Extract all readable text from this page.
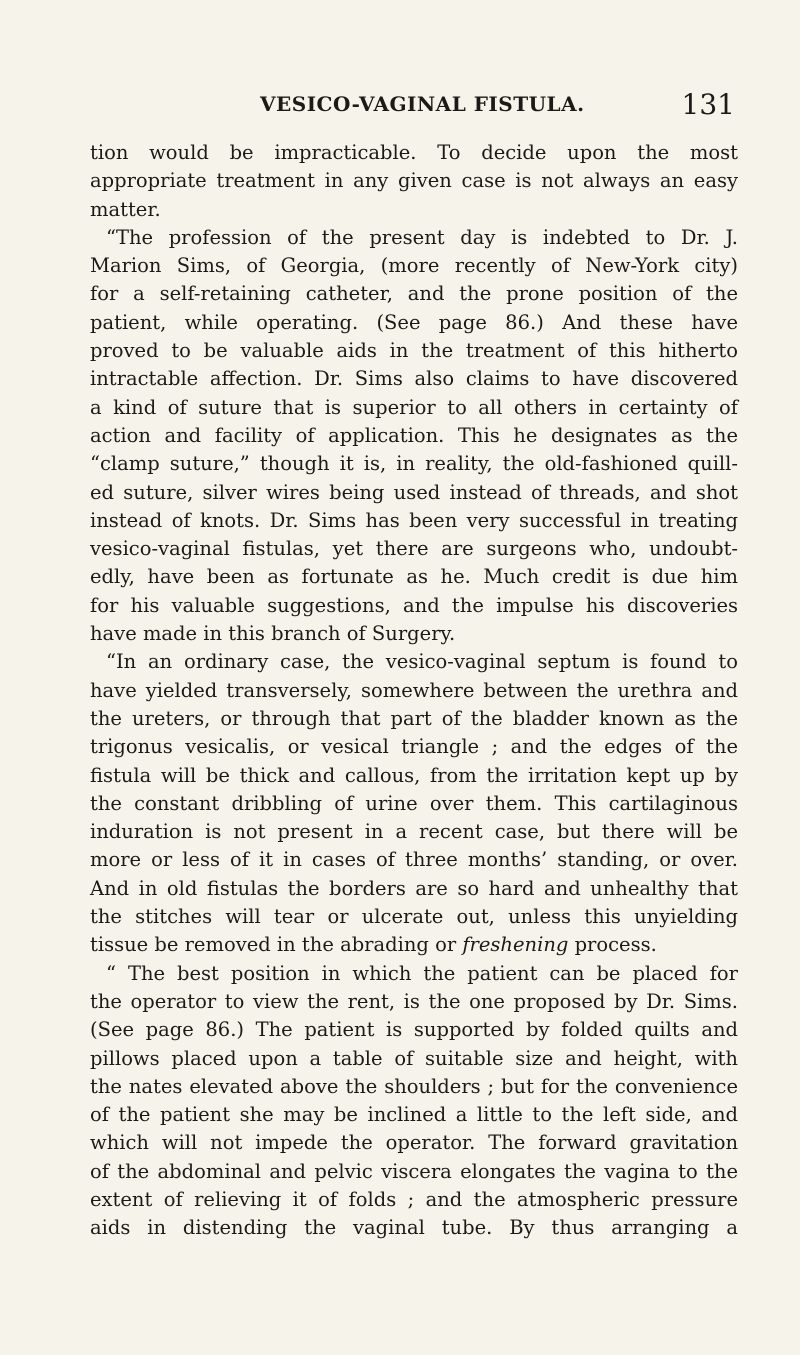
VESICO-VAGINAL FISTULA.	131
tion would be impracticable. To decide upon the most
appropriate treatment in any given case is not always an easy
matter.
“The profession of the present day is indebted to Dr. J.
Marion Sims, of Georgia, (more recently of New-York city)
for a self-retaining catheter, and the prone position of the
patient, while operating. (See page 86.) And these have
proved to be valuable aids in the treatment of this hitherto
intractable affection. Dr. Sims also claims to have discovered
a kind of suture that is superior to all others in certainty of
action and facility of application. This he designates as the
“clamp suture,” though it is, in reality, the old-fashioned quill-
ed suture, silver wires being used instead of threads, and shot
instead of knots. Dr. Sims has been very successful in treating
vesico-vaginal fistulas, yet there are surgeons who, undoubt-
edly, have been as fortunate as he. Much credit is due him
for his valuable suggestions, and the impulse his discoveries
have made in this branch of Surgery.
“In an ordinary case, the vesico-vaginal septum is found to
have yielded transversely, somewhere between the urethra and
the ureters, or through that part of the bladder known as the
trigonus vesicalis, or vesical triangle ; and the edges of the
fistula will be thick and callous, from the irritation kept up by
the constant dribbling of urine over them. This cartilaginous
induration is not present in a recent case, but there will be
more or less of it in cases of three months’ standing, or over.
And in old fistulas the borders are so hard and unhealthy that
the stitches will tear or ulcerate out, unless this unyielding
tissue be removed in the abrading or freshening process.
“ The best position in which the patient can be placed for
the operator to view the rent, is the one proposed by Dr. Sims.
(See page 86.) The patient is supported by folded quilts and
pillows placed upon a table of suitable size and height, with
the nates elevated above the shoulders ; but for the convenience
of the patient she may be inclined a little to the left side, and
which will not impede the operator. The forward gravitation
of the abdominal and pelvic viscera elongates the vagina to the
extent of relieving it of folds ; and the atmospheric pressure
aids in distending the vaginal tube. By thus arranging a
